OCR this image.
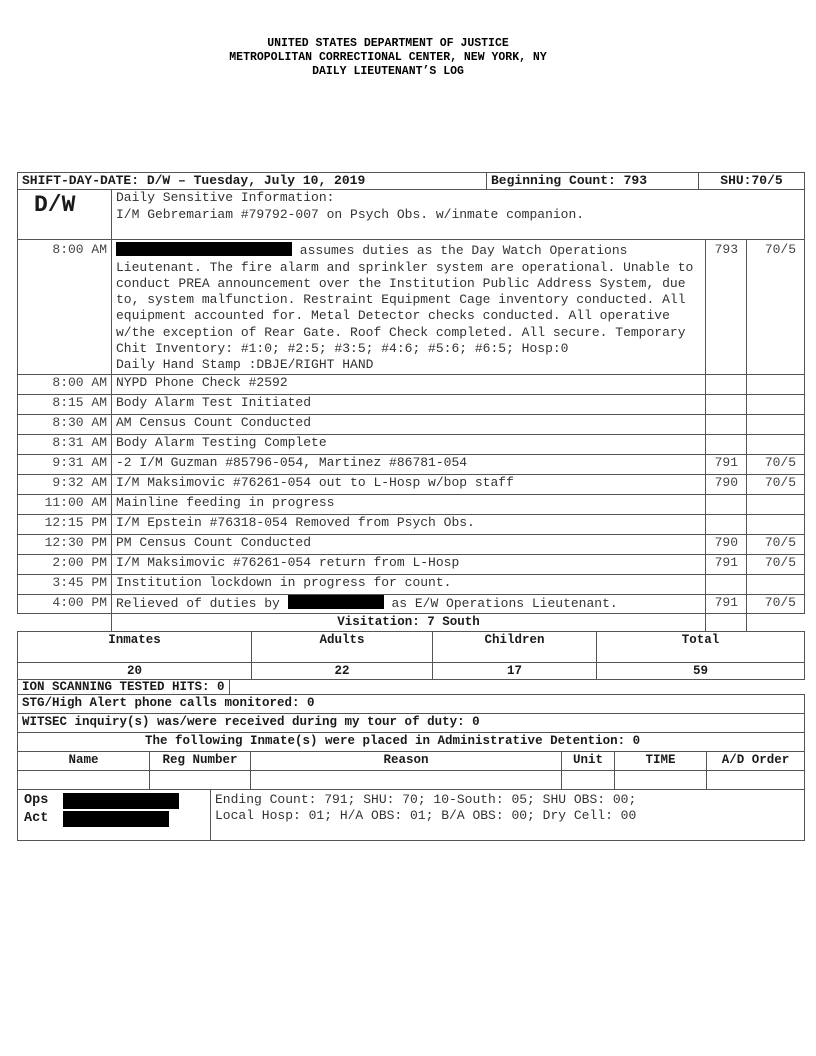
UNITED STATES DEPARTMENT OF JUSTICE
METROPOLITAN CORRECTIONAL CENTER, NEW YORK, NY
DAILY LIEUTENANT’S LOG
SHIFT-DAY-DATE: D/W – Tuesday, July 10, 2019	Beginning Count: 793	SHU:70/5
D/W	Daily Sensitive Information:
I/M Gebremariam #79792-007 on Psych Obs. w/inmate companion.		

8:00 AM	assumes duties as the Day Watch Operations Lieutenant. The fire alarm and sprinkler system are operational. Unable to conduct PREA announcement over the Institution Public Address System, due to, system malfunction. Restraint Equipment Cage inventory conducted. All equipment accounted for. Metal Detector checks conducted. All operative w/the exception of Rear Gate. Roof Check completed. All secure. Temporary Chit Inventory: #1:0; #2:5; #3:5; #4:6; #5:6; #6:5; Hosp:0
Daily Hand Stamp :DBJE/RIGHT HAND	793	70/5
8:00 AM	NYPD Phone Check #2592		
8:15 AM	Body Alarm Test Initiated		
8:30 AM	AM Census Count Conducted		
8:31 AM	Body Alarm Testing Complete		
9:31 AM	-2 I/M Guzman #85796-054, Martinez #86781-054	791	70/5
9:32 AM	I/M Maksimovic #76261-054 out to L-Hosp w/bop staff	790	70/5
11:00 AM	Mainline feeding in progress		
12:15 PM	I/M Epstein #76318-054 Removed from Psych Obs.		
12:30 PM	PM Census Count Conducted	790	70/5
2:00 PM	I/M Maksimovic #76261-054 return from L-Hosp	791	70/5
3:45 PM	Institution lockdown in progress for count.		
4:00 PM	Relieved of duties by as E/W Operations Lieutenant.	791	70/5
	Visitation: 7 South		
Inmates	Adults	Children	Total
20	22	17	59
ION SCANNING TESTED HITS: 0
STG/High Alert phone calls monitored: 0					
WITSEC inquiry(s) was/were received during my tour of duty: 0					
The following Inmate(s) were placed in Administrative Detention: 0					
Name	Reg Number	Reason	Unit	TIME	A/D Order

Ops
Act

Ending Count: 791; SHU: 70; 10-South: 05; SHU OBS: 00;
Local Hosp: 01; H/A OBS: 01; B/A OBS: 00; Dry Cell: 00
